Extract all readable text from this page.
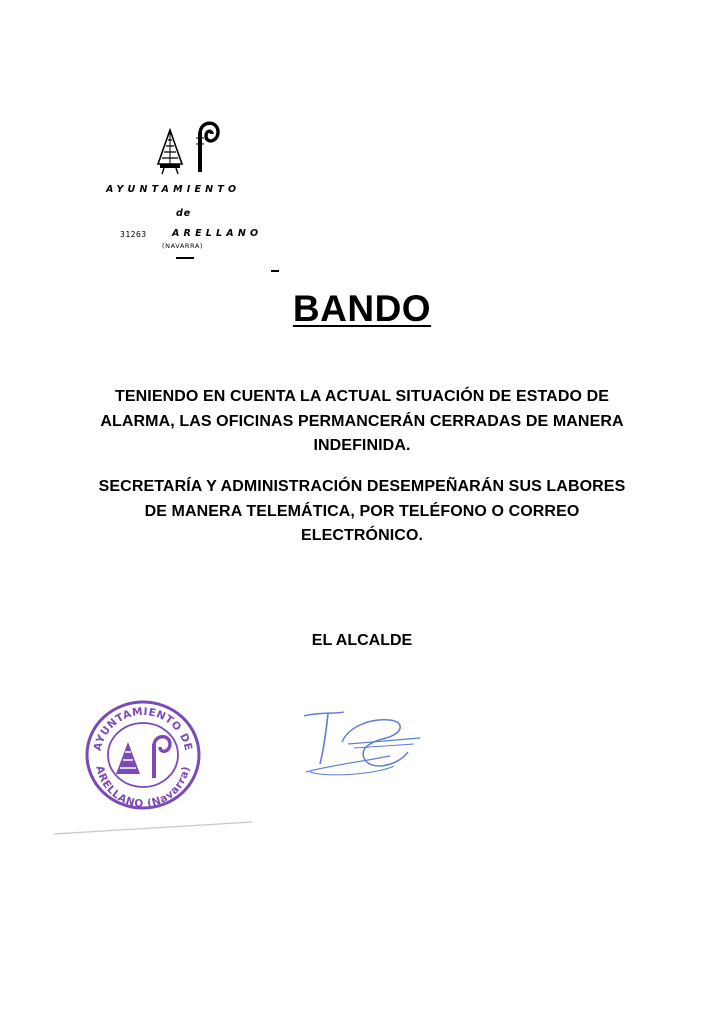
AYUNTAMIENTO
de
31263	ARELLANO
(NAVARRA)
BANDO
TENIENDO EN CUENTA LA ACTUAL SITUACIÓN DE ESTADO DE ALARMA, LAS OFICINAS PERMANCERÁN CERRADAS DE MANERA INDEFINIDA.
SECRETARÍA Y ADMINISTRACIÓN DESEMPEÑARÁN SUS LABORES DE MANERA TELEMÁTICA, POR TELÉFONO O CORREO ELECTRÓNICO.
EL ALCALDE
AYUNTAMIENTO DE
ARELLANO (Navarra)
